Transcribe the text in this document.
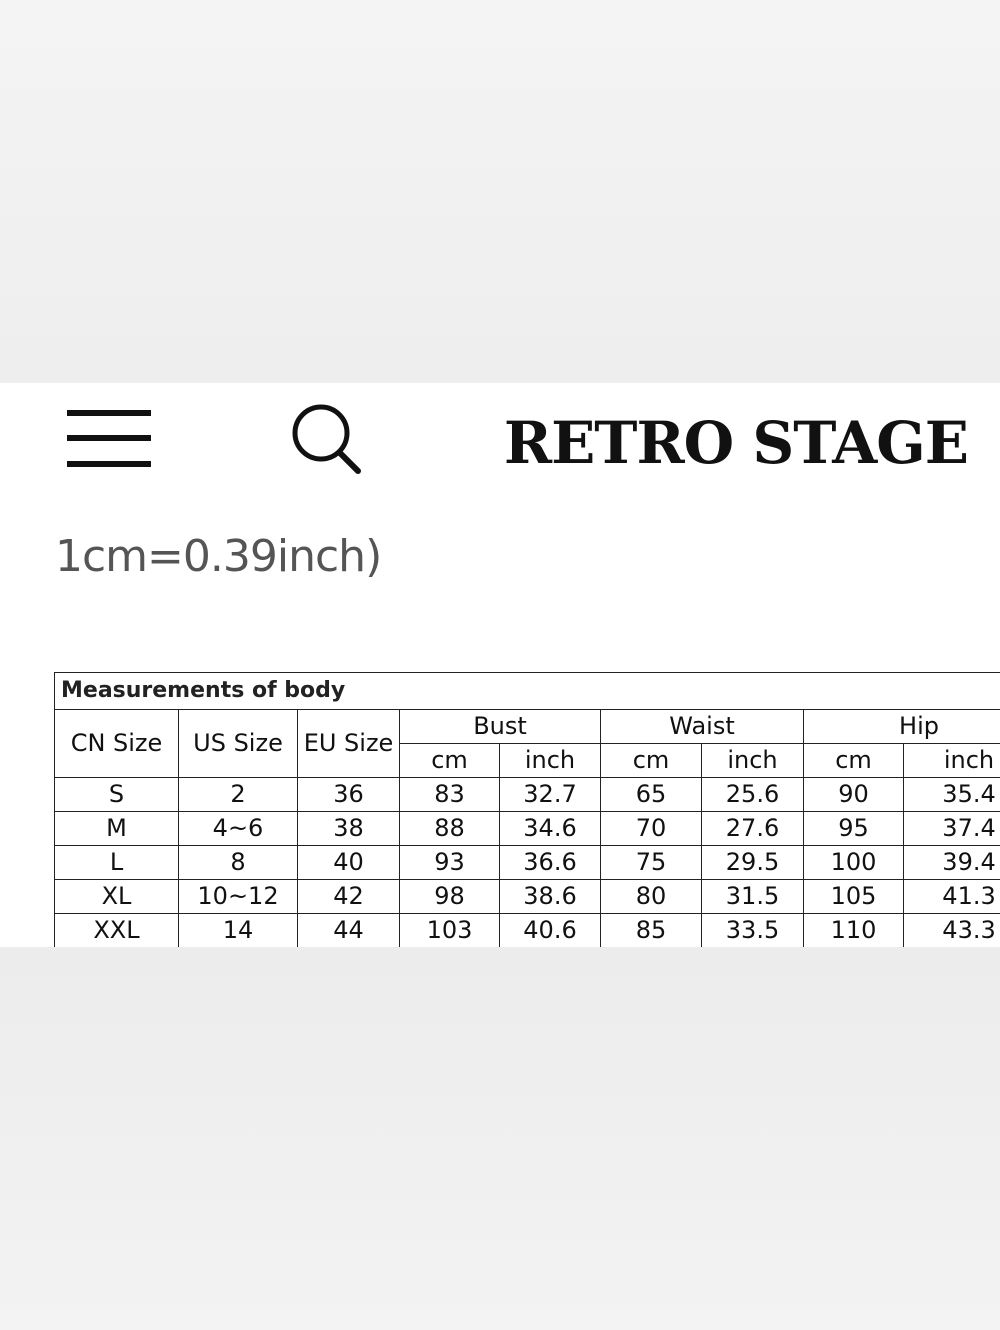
RETRO STAGE
1cm=0.39inch)
Measurements of body								
CN Size	US Size	EU Size	Bust		Waist		Hip	
			cm	inch	cm	inch	cm	inch
S	2	36	83	32.7	65	25.6	90	35.4
M	4~6	38	88	34.6	70	27.6	95	37.4
L	8	40	93	36.6	75	29.5	100	39.4
XL	10~12	42	98	38.6	80	31.5	105	41.3
XXL	14	44	103	40.6	85	33.5	110	43.3
